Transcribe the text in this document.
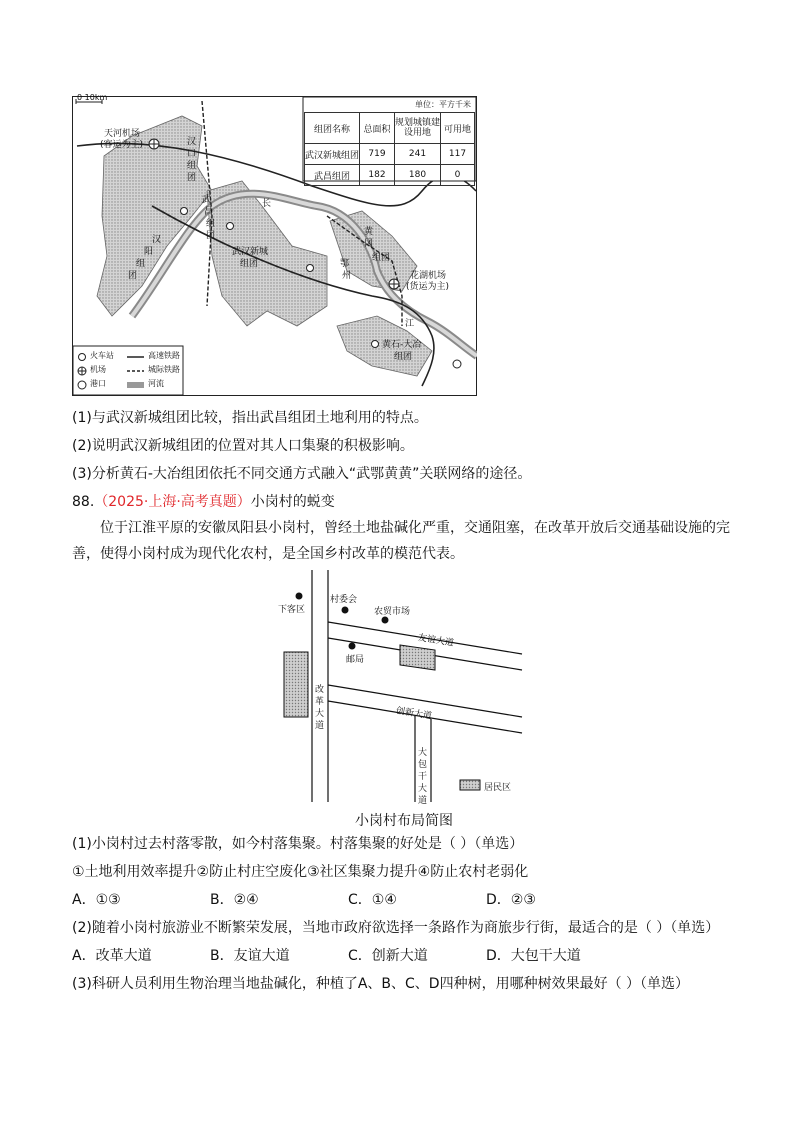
0 10km
天河机场
(客运为主)	汉
口
组
团
武
昌
组
团
汉
阳
组
团
长
江
武汉新城
组团
黄
冈
组团
鄂
州	花湖机场
(货运为主)
黄石-大冶
组团
火车站	高速铁路
机场	城际铁路
港口	河流
单位：平方千米
组团名称	总面积	规划城镇建设用地	可用地
武汉新城组团	719	241	117
武昌组团	182	180	0
(1)与武汉新城组团比较，指出武昌组团土地利用的特点。
(2)说明武汉新城组团的位置对其人口集聚的积极影响。
(3)分析黄石-大冶组团依托不同交通方式融入“武鄂黄黄”关联网络的途径。
88.（2025·上海·高考真题）小岗村的蜕变
位于江淮平原的安徽凤阳县小岗村，曾经土地盐碱化严重，交通阻塞，在改革开放后交通基础设施的完善，使得小岗村成为现代化农村，是全国乡村改革的模范代表。
下客区
村委会
农贸市场
友谊大道
邮局
改
革
大
道
创新大道
大
包
干
大
道
居民区
小岗村布局简图
(1)小岗村过去村落零散，如今村落集聚。村落集聚的好处是（ ）（单选）
①土地利用效率提升②防止村庄空废化③社区集聚力提升④防止农村老弱化
A．①③	B．②④	C．①④	D．②③
(2)随着小岗村旅游业不断繁荣发展，当地市政府欲选择一条路作为商旅步行街，最适合的是（ ）（单选）
A．改革大道	B．友谊大道	C．创新大道	D．大包干大道
(3)科研人员利用生物治理当地盐碱化，种植了A、B、C、D四种树，用哪种树效果最好（ ）（单选）
